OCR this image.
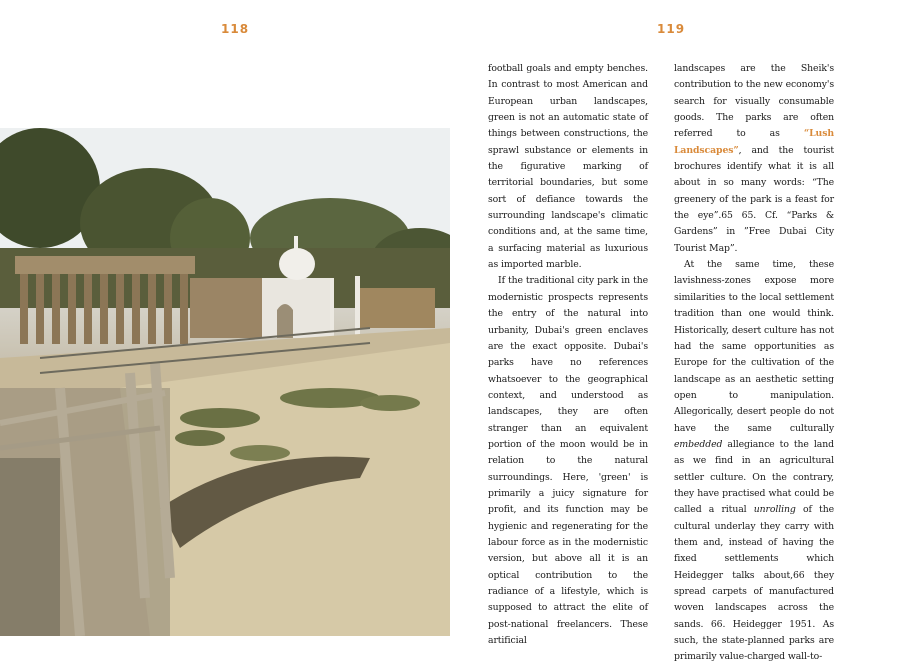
118	119

football goals and empty benches. In contrast to most American and European urban landscapes, green is not an automatic state of things between constructions, the sprawl substance or elements in the figurative marking of territorial boundaries, but some sort of defiance towards the surrounding landscape's climatic conditions and, at the same time, a surfacing material as luxurious as imported marble.

If the traditional city park in the modernistic prospects represents the entry of the natural into urbanity, Dubai's green enclaves are the exact opposite. Dubai's parks have no references whatsoever to the geographical context, and understood as landscapes, they are often stranger than an equivalent portion of the moon would be in relation to the natural surroundings. Here, 'green' is primarily a juicy signature for profit, and its function may be hygienic and regenerating for the labour force as in the modernistic version, but above all it is an optical contribution to the radiance of a lifestyle, which is supposed to attract the elite of post-national freelancers. These artificial

landscapes are the Sheik's contribution to the new economy's search for visually consumable goods. The parks are often referred to as “Lush Landscapes”, and the tourist brochures identify what it is all about in so many words: “The greenery of the park is a feast for the eye”.65 65. Cf. “Parks & Gardens” in ”Free Dubai City Tourist Map”.

At the same time, these lavishness-zones expose more similarities to the local settlement tradition than one would think. Historically, desert culture has not had the same opportunities as Europe for the cultivation of the landscape as an aesthetic setting open to manipulation. Allegorically, desert people do not have the same culturally embedded allegiance to the land as we find in an agricultural settler culture. On the contrary, they have practised what could be called a ritual unrolling of the cultural underlay they carry with them and, instead of having the fixed settlements which Heidegger talks about,66 they spread carpets of manufactured woven landscapes across the sands. 66. Heidegger 1951. As such, the state-planned parks are primarily value-charged wall-to-
